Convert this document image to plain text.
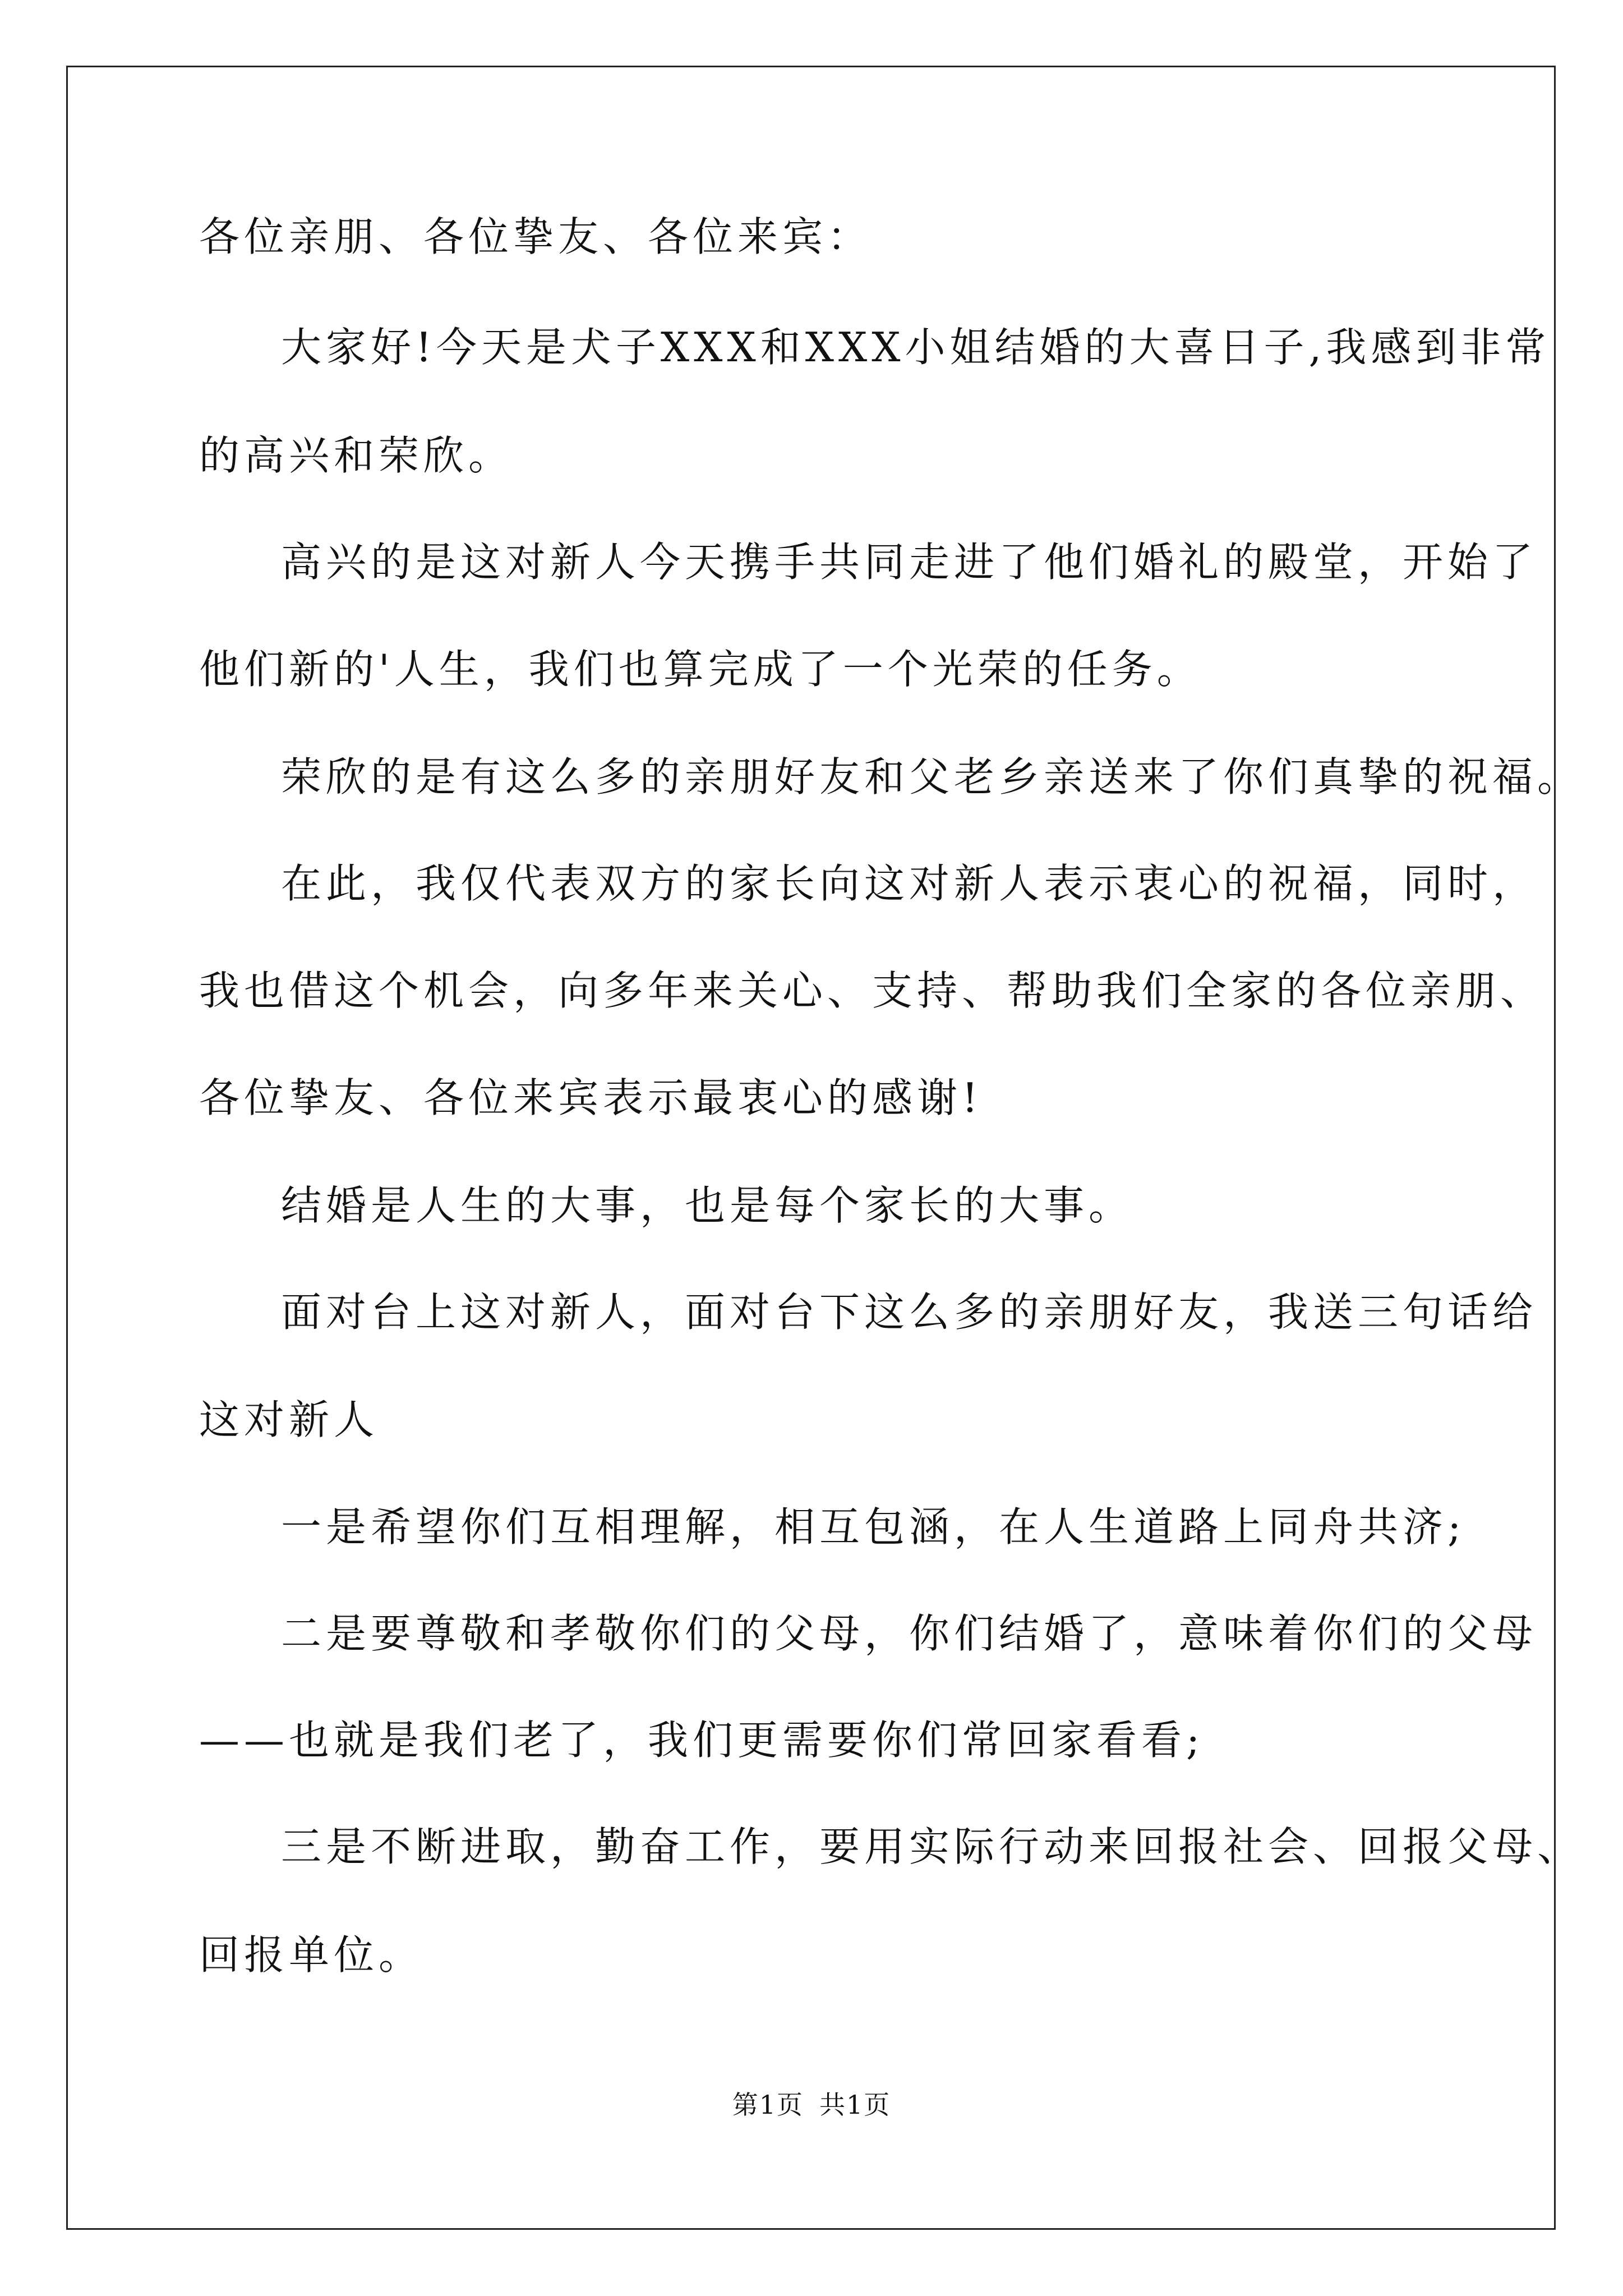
各位亲朋、各位挚友、各位来宾：
大家好!今天是犬子XXX和XXX小姐结婚的大喜日子,我感到非常
的高兴和荣欣。
高兴的是这对新人今天携手共同走进了他们婚礼的殿堂，开始了
他们新的'人生，我们也算完成了一个光荣的任务。
荣欣的是有这么多的亲朋好友和父老乡亲送来了你们真挚的祝福。
在此，我仅代表双方的家长向这对新人表示衷心的祝福，同时，
我也借这个机会，向多年来关心、支持、帮助我们全家的各位亲朋、
各位挚友、各位来宾表示最衷心的感谢!
结婚是人生的大事，也是每个家长的大事。
面对台上这对新人，面对台下这么多的亲朋好友，我送三句话给
这对新人
一是希望你们互相理解，相互包涵，在人生道路上同舟共济;
二是要尊敬和孝敬你们的父母，你们结婚了，意味着你们的父母
——也就是我们老了，我们更需要你们常回家看看;
三是不断进取，勤奋工作，要用实际行动来回报社会、回报父母、
回报单位。
第1页 共1页
